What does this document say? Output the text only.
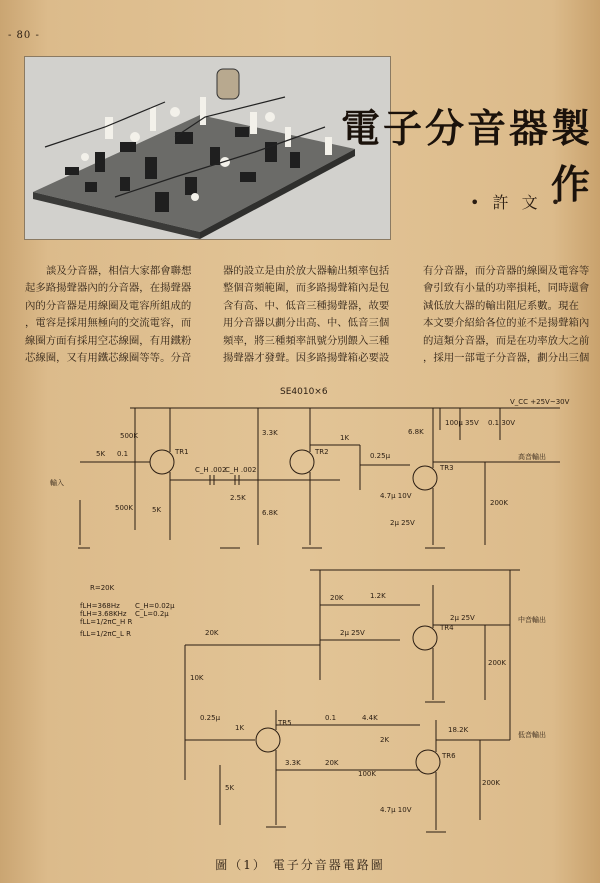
- 80 -
電子分音器製作
• 許 文 •
談及分音器，相信大家都會聯想
起多路揚聲器內的分音器，在揚聲器
內的分音器是用線圈及電容所組成的
，電容是採用無極向的交流電容，而
線圈方面有採用空芯線圈，有用鐵粉
芯線圈，又有用鐵芯線圈等等。分音
器的設立是由於放大器輸出頻率包括
整個音頻範圍，而多路揚聲箱內是包
含有高、中、低音三種揚聲器，故要
用分音器以劃分出高、中、低音三個
頻率，將三種頻率訊號分別餵入三種
揚聲器才發聲。因多路揚聲箱必要設
有分音器，而分音器的線圈及電容等
會引致有小量的功率損耗，同時還會
減低放大器的輸出阻尼系數。現在
本文要介紹給各位的並不是揚聲箱內
的這類分音器，而是在功率放大之前
，採用一部電子分音器，劃分出三個
SE4010×6
V_CC +25V~30V
輸入
高音輸出
中音輸出
低音輸出
R=20K
fLH=368Hz
fLH=3.68KHz
fLL=1/2πC_H R
fLL=1/2πC_L R
C_H=0.02μ
C_L=0.2μ
TR1	TR2
TR3
TR4
TR5
TR6
500K
500K	5K
5K 0.1
C_H .002
C_H .002
3.3K
6.8K
2.5K
1K
0.25μ
6.8K
4.7μ 10V
2μ 25V
200K
100μ 35V 0.1 30V
20K
2μ 25V
1.2K
2μ 25V
200K
20K
10K
0.25μ
1K
0.1	4.4K
3.3K	20K
2K
100K
4.7μ 10V
200K
18.2K
5K
圖（1） 電子分音器電路圖
